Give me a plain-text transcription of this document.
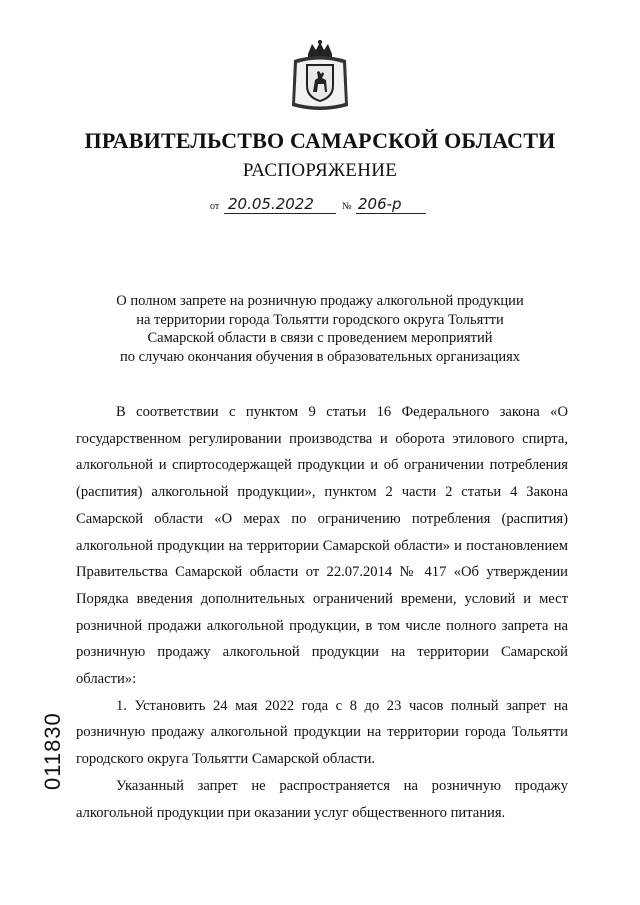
ПРАВИТЕЛЬСТВО САМАРСКОЙ ОБЛАСТИ
РАСПОРЯЖЕНИЕ
от 20.05.2022	№ 206-р
О полном запрете на розничную продажу алкогольной продукции
на территории города Тольятти городского округа Тольятти
Самарской области в связи с проведением мероприятий
по случаю окончания обучения в образовательных организациях

В соответствии с пунктом 9 статьи 16 Федерального закона «О государственном регулировании производства и оборота этилового спирта, алкогольной и спиртосодержащей продукции и об ограничении потребления (распития) алкогольной продукции», пунктом 2 части 2 статьи 4 Закона Самарской области «О мерах по ограничению потребления (распития) алкогольной продукции на территории Самарской области» и постановлением Правительства Самарской области от 22.07.2014 № 417 «Об утверждении Порядка введения дополнительных ограничений времени, условий и мест розничной продажи алкогольной продукции, в том числе полного запрета на розничную продажу алкогольной продукции на территории Самарской области»:

1. Установить 24 мая 2022 года с 8 до 23 часов полный запрет на розничную продажу алкогольной продукции на территории города Тольятти городского округа Тольятти Самарской области.

Указанный запрет не распространяется на розничную продажу алкогольной продукции при оказании услуг общественного питания.

011830
